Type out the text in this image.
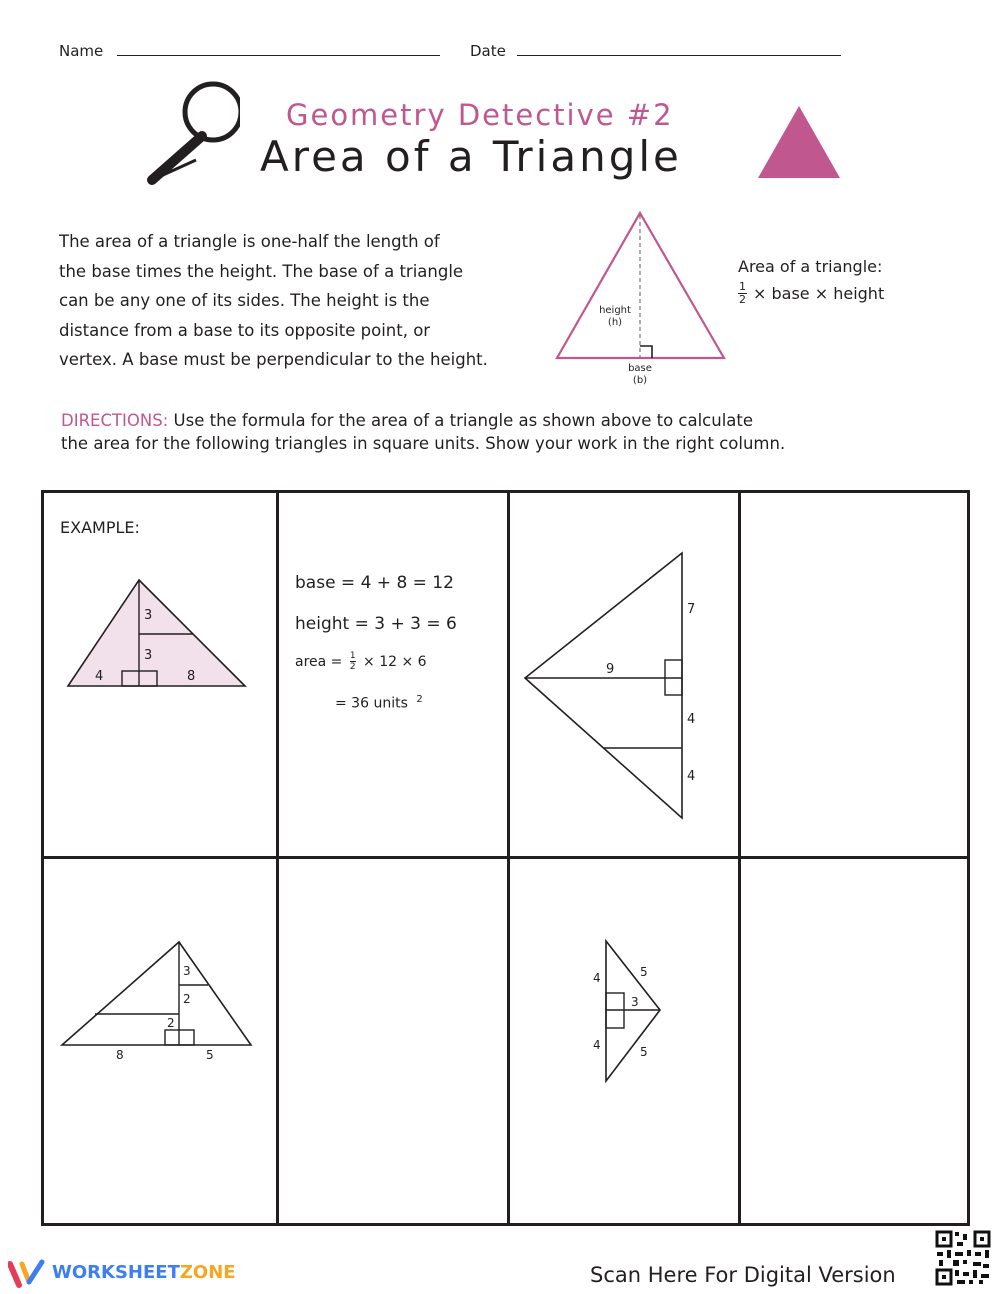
Name	Date
Geometry Detective #2
Area of a Triangle
The area of a triangle is one-half the length of
the base times the height. The base of a triangle
can be any one of its sides. The height is the
distance from a base to its opposite point, or
vertex. A base must be perpendicular to the height.
height
(h)
base
(b)
Area of a triangle:
$\frac{1}{2}$ × base × height
DIRECTIONS: Use the formula for the area of a triangle as shown above to calculate
the area for the following triangles in square units. Show your work in the right column.
EXAMPLE:
3
3
4	8
base = 4 + 8 = 12
height = 3 + 3 = 6
area = $\frac{1}{2} \times 12 \times 6$
= 36 units $^2$
7
9
4
4
3
2
2
8	5
4
4
3
5
5
WORKSHEETZONE	Scan Here For Digital Version
